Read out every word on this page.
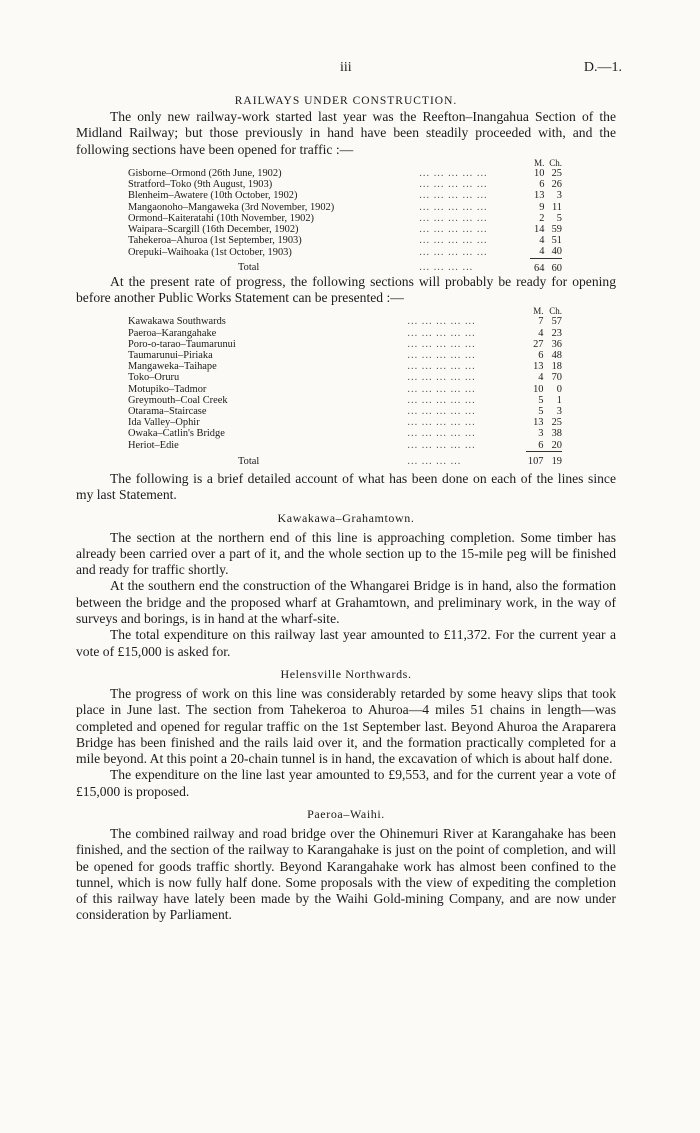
iii	D.—1.

RAILWAYS UNDER CONSTRUCTION.

The only new railway-work started last year was the Reefton–Inangahua Section of the Midland Railway; but those previously in hand have been steadily proceeded with, and the following sections have been opened for traffic :—

		M.	Ch.
Gisborne–Ormond (26th June, 1902)	... ... ... ... ...	10	25
Stratford–Toko (9th August, 1903)	... ... ... ... ...	6	26
Blenheim–Awatere (10th October, 1902)	... ... ... ... ...	13	3
Mangaonoho–Mangaweka (3rd November, 1902)	... ... ... ... ...	9	11
Ormond–Kaiteratahi (10th November, 1902)	... ... ... ... ...	2	5
Waipara–Scargill (16th December, 1902)	... ... ... ... ...	14	59
Tahekeroa–Ahuroa (1st September, 1903)	... ... ... ... ...	4	51
Orepuki–Waihoaka (1st October, 1903)	... ... ... ... ...	4	40
Total	... ... ... ...	64	60

At the present rate of progress, the following sections will probably be ready for opening before another Public Works Statement can be presented :—

		M.	Ch.
Kawakawa Southwards	... ... ... ... ...	7	57
Paeroa–Karangahake	... ... ... ... ...	4	23
Poro-o-tarao–Taumarunui	... ... ... ... ...	27	36
Taumarunui–Piriaka	... ... ... ... ...	6	48
Mangaweka–Taihape	... ... ... ... ...	13	18
Toko–Oruru	... ... ... ... ...	4	70
Motupiko–Tadmor	... ... ... ... ...	10	0
Greymouth–Coal Creek	... ... ... ... ...	5	1
Otarama–Staircase	... ... ... ... ...	5	3
Ida Valley–Ophir	... ... ... ... ...	13	25
Owaka–Catlin's Bridge	... ... ... ... ...	3	38
Heriot–Edie	... ... ... ... ...	6	20
Total	... ... ... ...	107	19

The following is a brief detailed account of what has been done on each of the lines since my last Statement.

Kawakawa–Grahamtown.

The section at the northern end of this line is approaching completion. Some timber has already been carried over a part of it, and the whole section up to the 15-mile peg will be finished and ready for traffic shortly.

At the southern end the construction of the Whangarei Bridge is in hand, also the formation between the bridge and the proposed wharf at Grahamtown, and preliminary work, in the way of surveys and borings, is in hand at the wharf-site.

The total expenditure on this railway last year amounted to £11,372. For the current year a vote of £15,000 is asked for.

Helensville Northwards.

The progress of work on this line was considerably retarded by some heavy slips that took place in June last. The section from Tahekeroa to Ahuroa—4 miles 51 chains in length—was completed and opened for regular traffic on the 1st September last. Beyond Ahuroa the Araparera Bridge has been finished and the rails laid over it, and the formation practically completed for a mile beyond. At this point a 20-chain tunnel is in hand, the excavation of which is about half done.

The expenditure on the line last year amounted to £9,553, and for the current year a vote of £15,000 is proposed.

Paeroa–Waihi.

The combined railway and road bridge over the Ohinemuri River at Karangahake has been finished, and the section of the railway to Karangahake is just on the point of completion, and will be opened for goods traffic shortly. Beyond Karangahake work has almost been confined to the tunnel, which is now fully half done. Some proposals with the view of expediting the completion of this railway have lately been made by the Waihi Gold-mining Company, and are now under consideration by Parliament.
